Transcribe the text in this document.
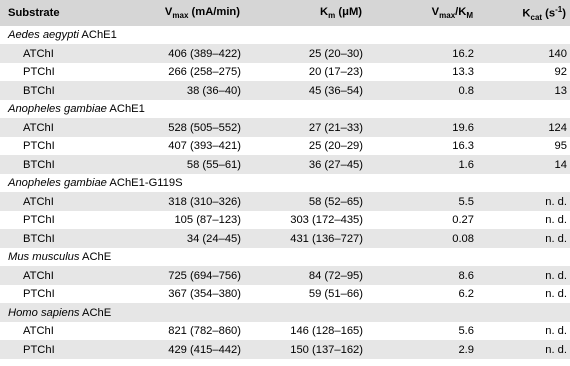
Substrate	$V_{max}$ (mA/min)	$K_m$ (μM)	$V_{max}/K_M$	$K_{cat}$ $(s^{-1})$
Aedes aegypti AChE1				
ATChI	406 (389–422)	25 (20–30)	16.2	140
PTChI	266 (258–275)	20 (17–23)	13.3	92
BTChI	38 (36–40)	45 (36–54)	0.8	13
Anopheles gambiae AChE1				
ATChI	528 (505–552)	27 (21–33)	19.6	124
PTChI	407 (393–421)	25 (20–29)	16.3	95
BTChI	58 (55–61)	36 (27–45)	1.6	14
Anopheles gambiae AChE1-G119S				
ATChI	318 (310–326)	58 (52–65)	5.5	n. d.
PTChI	105 (87–123)	303 (172–435)	0.27	n. d.
BTChI	34 (24–45)	431 (136–727)	0.08	n. d.
Mus musculus AChE				
ATChI	725 (694–756)	84 (72–95)	8.6	n. d.
PTChI	367 (354–380)	59 (51–66)	6.2	n. d.
Homo sapiens AChE				
ATChI	821 (782–860)	146 (128–165)	5.6	n. d.
PTChI	429 (415–442)	150 (137–162)	2.9	n. d.
